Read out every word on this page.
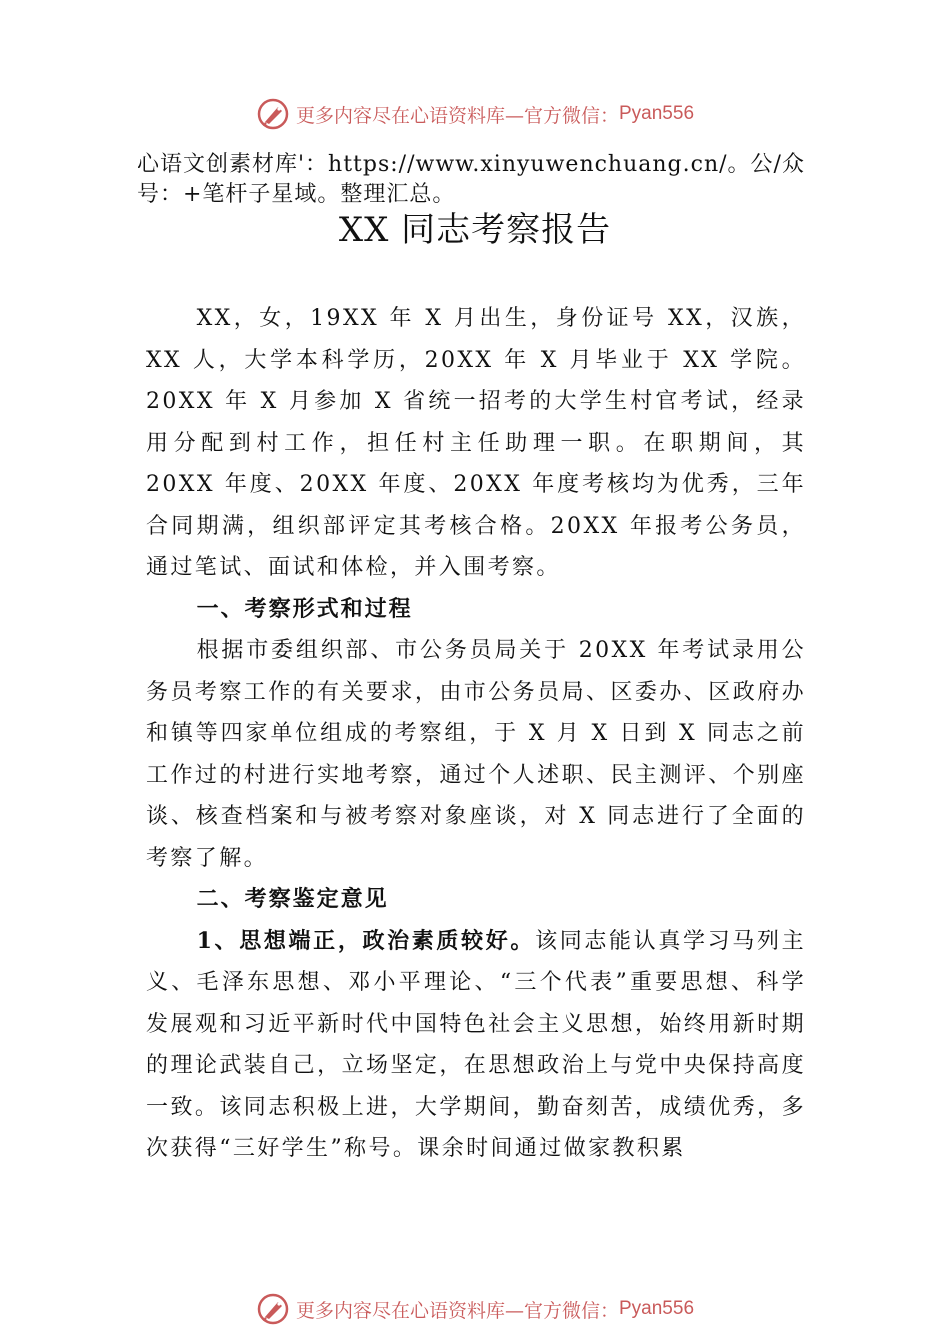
更多内容尽在心语资料库—官方微信： Pyan556
心语文创素材库'：https://www.xinyuwenchuang.cn/。公/众号：+笔杆子星域。整理汇总。
XX 同志考察报告

XX，女，19XX 年 X 月出生，身份证号 XX，汉族，XX 人，大学本科学历，20XX 年 X 月毕业于 XX 学院。20XX 年 X 月参加 X 省统一招考的大学生村官考试，经录用分配到村工作，担任村主任助理一职。在职期间，其 20XX 年度、20XX 年度、20XX 年度考核均为优秀，三年合同期满，组织部评定其考核合格。20XX 年报考公务员，通过笔试、面试和体检，并入围考察。

一、考察形式和过程

根据市委组织部、市公务员局关于 20XX 年考试录用公务员考察工作的有关要求，由市公务员局、区委办、区政府办和镇等四家单位组成的考察组，于 X 月 X 日到 X 同志之前工作过的村进行实地考察，通过个人述职、民主测评、个别座谈、核查档案和与被考察对象座谈，对 X 同志进行了全面的考察了解。

二、考察鉴定意见

1、思想端正，政治素质较好。该同志能认真学习马列主义、毛泽东思想、邓小平理论、“三个代表”重要思想、科学发展观和习近平新时代中国特色社会主义思想，始终用新时期的理论武装自己，立场坚定，在思想政治上与党中央保持高度一致。该同志积极上进，大学期间，勤奋刻苦，成绩优秀，多次获得“三好学生”称号。课余时间通过做家教积累

更多内容尽在心语资料库—官方微信： Pyan556
